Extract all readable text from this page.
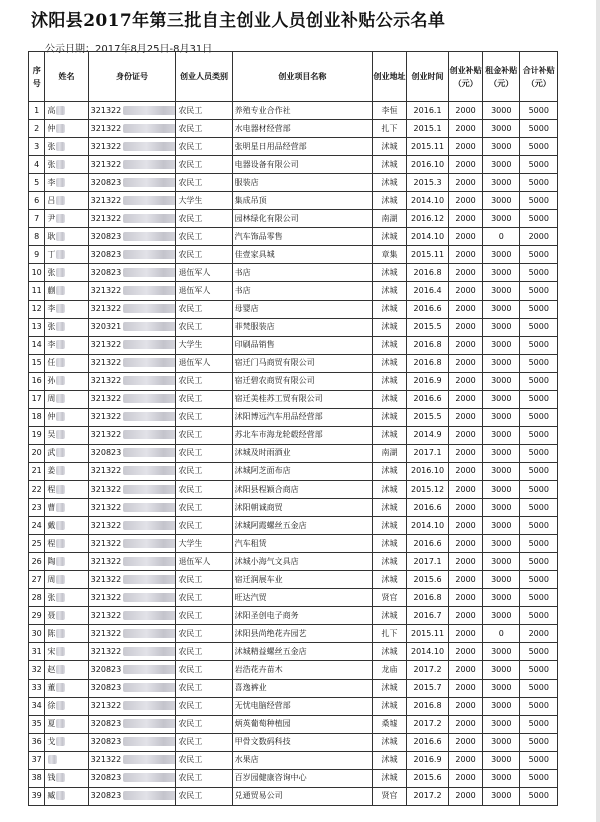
沭阳县2017年第三批自主创业人员创业补贴公示名单
公示日期：2017年8月25日-8月31日
序号	姓名	身份证号	创业人员类别	创业项目名称	创业地址	创业时间	创业补贴（元）	租金补贴（元）	合计补贴（元）
1	高	321322	农民工	养殖专业合作社	李恒	2016.1	2000	3000	5000
2	仲	321322	农民工	水电器材经营部	扎下	2015.1	2000	3000	5000
3	张	321322	农民工	张明星日用品经营部	沭城	2015.11	2000	3000	5000
4	张	321322	农民工	电器设备有限公司	沭城	2016.10	2000	3000	5000
5	李	320823	农民工	服装店	沭城	2015.3	2000	3000	5000
6	吕	321322	大学生	集成吊顶	沭城	2014.10	2000	3000	5000
7	尹	321322	农民工	园林绿化有限公司	南湖	2016.12	2000	3000	5000
8	耿	320823	农民工	汽车饰品零售	沭城	2014.10	2000	0	2000
9	丁	320823	农民工	佳壹家具城	章集	2015.11	2000	3000	5000
10	张	320823	退伍军人	书店	沭城	2016.8	2000	3000	5000
11	蒯	321322	退伍军人	书店	沭城	2016.4	2000	3000	5000
12	李	321322	农民工	母婴店	沭城	2016.6	2000	3000	5000
13	张	320321	农民工	菲梵服装店	沭城	2015.5	2000	3000	5000
14	李	321322	大学生	印刷品销售	沭城	2016.8	2000	3000	5000
15	任	321322	退伍军人	宿迁门马商贸有限公司	沭城	2016.8	2000	3000	5000
16	孙	321322	农民工	宿迁碧农商贸有限公司	沭城	2016.9	2000	3000	5000
17	周	321322	农民工	宿迁美桂苏工贸有限公司	沭城	2016.6	2000	3000	5000
18	仲	321322	农民工	沭阳博远汽车用品经营部	沭城	2015.5	2000	3000	5000
19	吴	321322	农民工	苏北车市海龙轮毂经营部	沭城	2014.9	2000	3000	5000
20	武	320823	农民工	沭城及时雨酒业	南湖	2017.1	2000	3000	5000
21	姜	321322	农民工	沭城阿芝面布店	沭城	2016.10	2000	3000	5000
22	程	321322	农民工	沭阳县程颖合商店	沭城	2015.12	2000	3000	5000
23	曹	321322	农民工	沭阳朝诚商贸	沭城	2016.6	2000	3000	5000
24	戴	321322	农民工	沭城阿霞螺丝五金店	沭城	2014.10	2000	3000	5000
25	程	321322	大学生	汽车租赁	沭城	2016.6	2000	3000	5000
26	陶	321322	退伍军人	沭城小海气文具店	沭城	2017.1	2000	3000	5000
27	周	321322	农民工	宿迁润展车业	沭城	2015.6	2000	3000	5000
28	张	321322	农民工	旺达汽贸	贤官	2016.8	2000	3000	5000
29	聂	321322	农民工	沭阳圣创电子商务	沭城	2016.7	2000	3000	5000
30	陈	321322	农民工	沭阳县尚绝花卉园艺	扎下	2015.11	2000	0	2000
31	宋	321322	农民工	沭城精益螺丝五金店	沭城	2014.10	2000	3000	5000
32	赵	320823	农民工	岩浩花卉苗木	龙庙	2017.2	2000	3000	5000
33	董	320823	农民工	喜逸裤业	沭城	2015.7	2000	3000	5000
34	徐	321322	农民工	无忧电脑经营部	沭城	2016.8	2000	3000	5000
35	夏	320823	农民工	炳英葡萄种植园	桑墟	2017.2	2000	3000	5000
36	戈	320823	农民工	甲骨文数码科技	沭城	2016.6	2000	3000	5000
37		321322	农民工	水果店	沭城	2016.9	2000	3000	5000
38	钱	320823	农民工	百岁园健康咨询中心	沭城	2015.6	2000	3000	5000
39	臧	320823	农民工	兑通贸易公司	贤官	2017.2	2000	3000	5000
